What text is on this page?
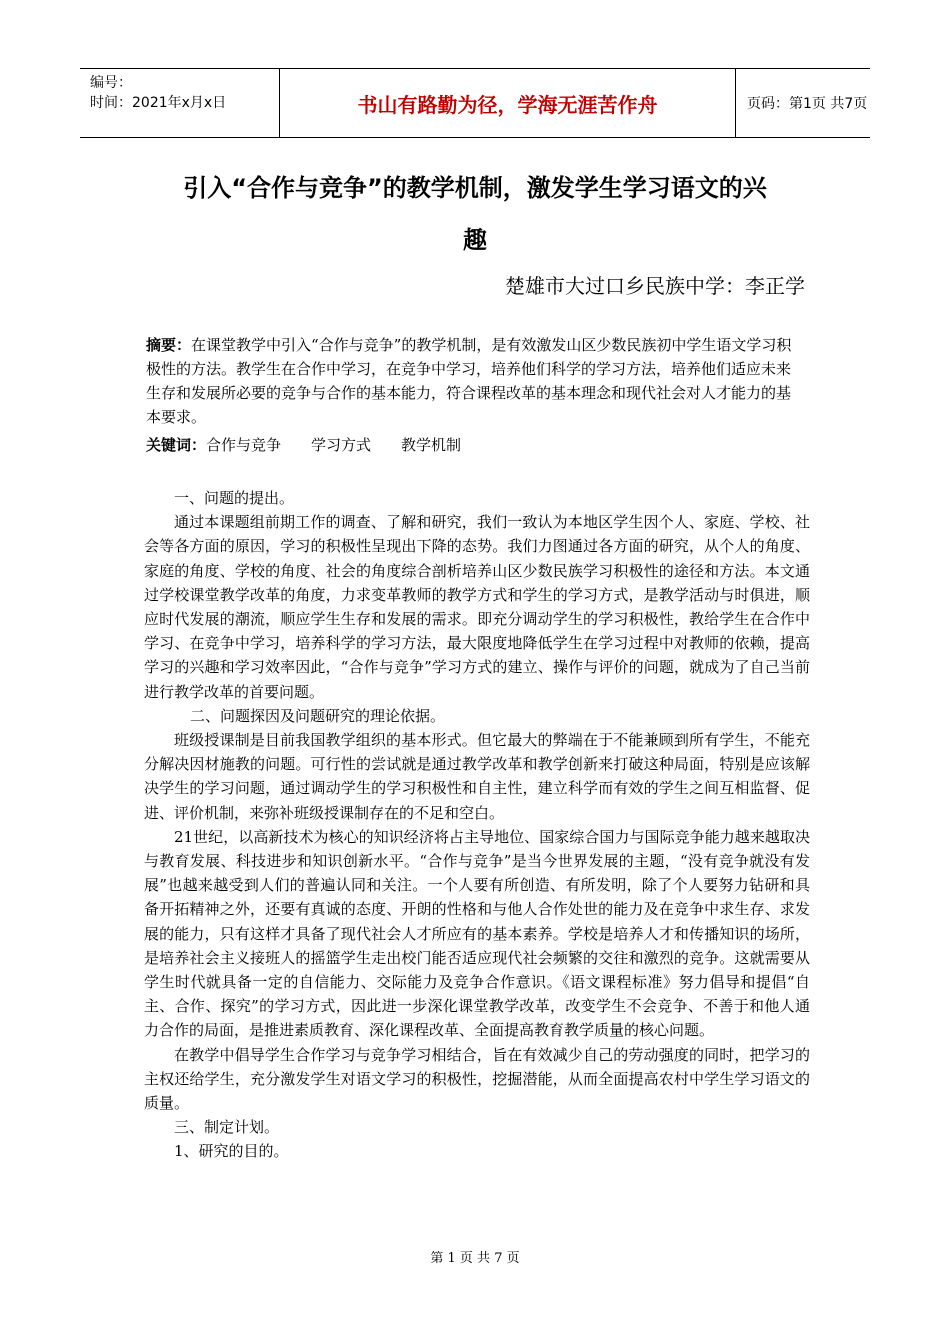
编号：
时间：2021年x月x日	书山有路勤为径，学海无涯苦作舟	页码：第1页 共7页
引入“合作与竞争”的教学机制，激发学生学习语文的兴
趣
楚雄市大过口乡民族中学：李正学
摘要：在课堂教学中引入“合作与竞争”的教学机制，是有效激发山区少数民族初中学生语文学习积极性的方法。教学生在合作中学习，在竞争中学习，培养他们科学的学习方法，培养他们适应未来生存和发展所必要的竞争与合作的基本能力，符合课程改革的基本理念和现代社会对人才能力的基本要求。
关键词：合作与竞争 学习方式 教学机制

一、问题的提出。

通过本课题组前期工作的调查、了解和研究，我们一致认为本地区学生因个人、家庭、学校、社会等各方面的原因，学习的积极性呈现出下降的态势。我们力图通过各方面的研究，从个人的角度、家庭的角度、学校的角度、社会的角度综合剖析培养山区少数民族学习积极性的途径和方法。本文通过学校课堂教学改革的角度，力求变革教师的教学方式和学生的学习方式，是教学活动与时俱进，顺应时代发展的潮流，顺应学生生存和发展的需求。即充分调动学生的学习积极性，教给学生在合作中学习、在竞争中学习，培养科学的学习方法，最大限度地降低学生在学习过程中对教师的依赖，提高学习的兴趣和学习效率因此，“合作与竞争”学习方式的建立、操作与评价的问题，就成为了自己当前进行教学改革的首要问题。

二、问题探因及问题研究的理论依据。

班级授课制是目前我国教学组织的基本形式。但它最大的弊端在于不能兼顾到所有学生，不能充分解决因材施教的问题。可行性的尝试就是通过教学改革和教学创新来打破这种局面，特别是应该解决学生的学习问题，通过调动学生的学习积极性和自主性，建立科学而有效的学生之间互相监督、促进、评价机制，来弥补班级授课制存在的不足和空白。

21世纪，以高新技术为核心的知识经济将占主导地位、国家综合国力与国际竞争能力越来越取决与教育发展、科技进步和知识创新水平。“合作与竞争”是当今世界发展的主题，“没有竞争就没有发展”也越来越受到人们的普遍认同和关注。一个人要有所创造、有所发明，除了个人要努力钻研和具备开拓精神之外，还要有真诚的态度、开朗的性格和与他人合作处世的能力及在竞争中求生存、求发展的能力，只有这样才具备了现代社会人才所应有的基本素养。学校是培养人才和传播知识的场所，是培养社会主义接班人的摇篮学生走出校门能否适应现代社会频繁的交往和激烈的竞争。这就需要从学生时代就具备一定的自信能力、交际能力及竞争合作意识。《语文课程标准》努力倡导和提倡“自主、合作、探究”的学习方式，因此进一步深化课堂教学改革，改变学生不会竞争、不善于和他人通力合作的局面，是推进素质教育、深化课程改革、全面提高教育教学质量的核心问题。

在教学中倡导学生合作学习与竞争学习相结合，旨在有效减少自己的劳动强度的同时，把学习的主权还给学生，充分激发学生对语文学习的积极性，挖掘潜能，从而全面提高农村中学生学习语文的质量。

三、制定计划。

1、研究的目的。

第 1 页 共 7 页
